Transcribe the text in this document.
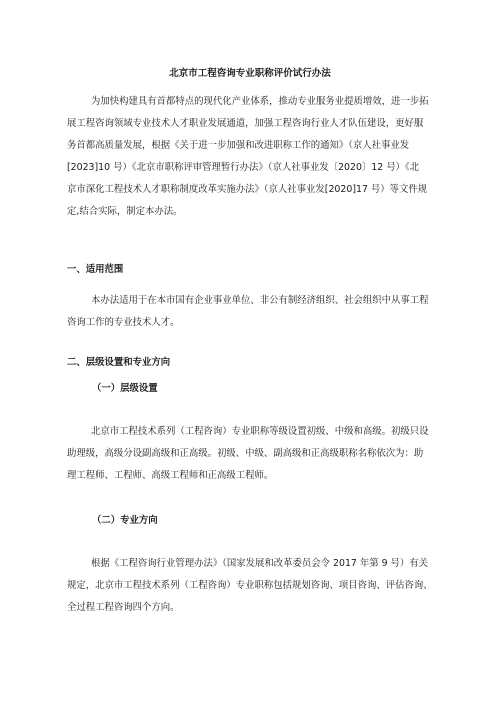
北京市工程咨询专业职称评价试行办法
为加快构建具有首都特点的现代化产业体系，推动专业服务业提质增效，进一步拓
展工程咨询领域专业技术人才职业发展通道，加强工程咨询行业人才队伍建设，更好服
务首都高质量发展，根据《关于进一步加强和改进职称工作的通知》（京人社事业发
[2023]10 号）《北京市职称评审管理暂行办法》（京人社事业发〔2020〕12 号）《北
京市深化工程技术人才职称制度改革实施办法》（京人社事业发[2020]17 号）等文件规
定,结合实际，制定本办法。
一、适用范围
本办法适用于在本市国有企业事业单位、非公有制经济组织、社会组织中从事工程
咨询工作的专业技术人才。
二、层级设置和专业方向
（一）层级设置
北京市工程技术系列（工程咨询）专业职称等级设置初级、中级和高级。初级只设
助理级，高级分设副高级和正高级。初级、中级、副高级和正高级职称名称依次为：助
理工程师、工程师、高级工程师和正高级工程师。
（二）专业方向
根据《工程咨询行业管理办法》（国家发展和改革委员会令 2017 年第 9 号）有关
规定，北京市工程技术系列（工程咨询）专业职称包括规划咨询、项目咨询、评估咨询、
全过程工程咨询四个方向。
